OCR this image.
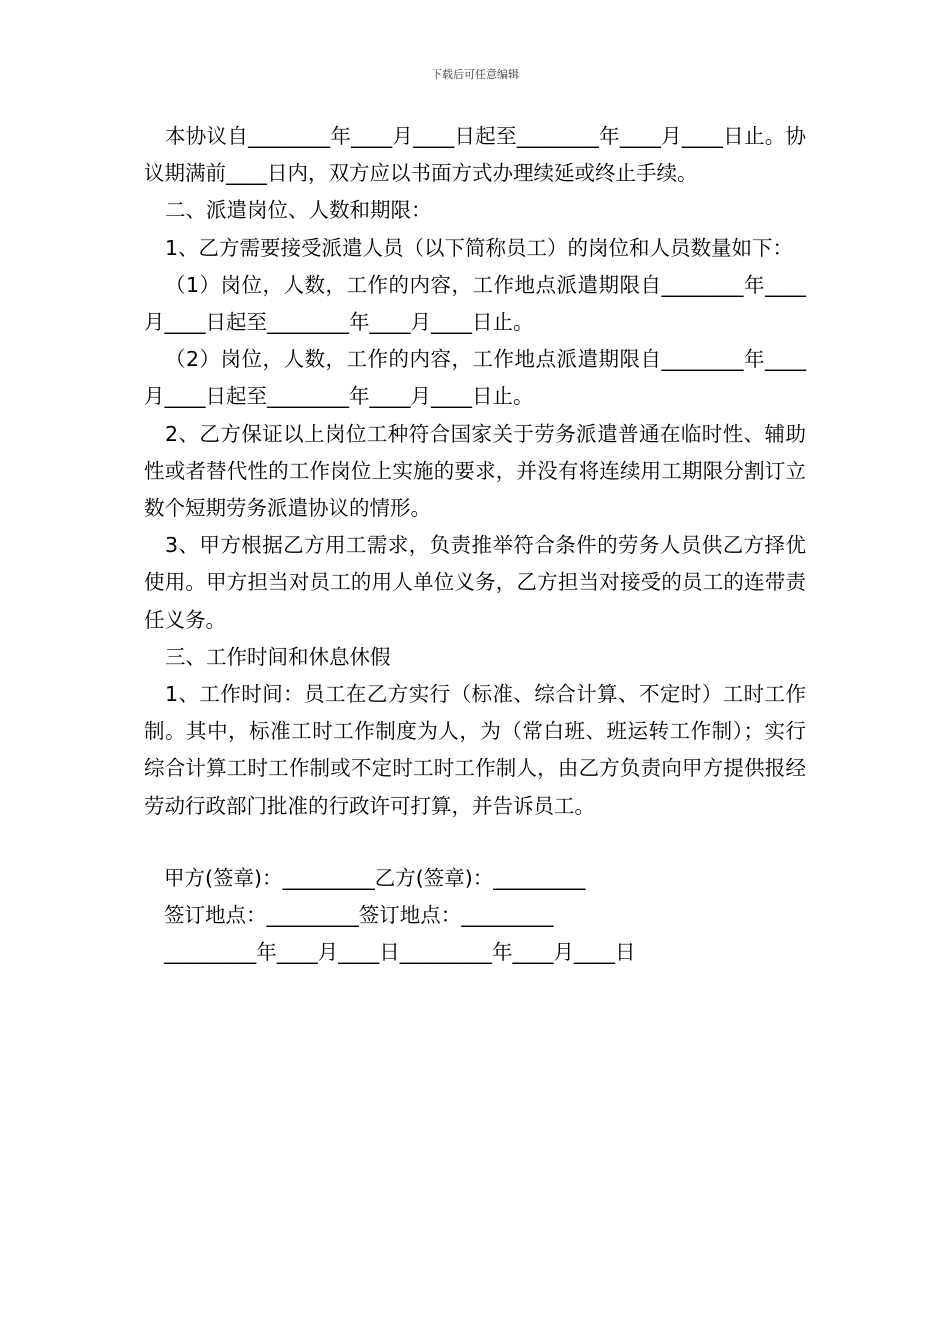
下载后可任意编辑

本协议自________年____月____日起至________年____月____日止。协议期满前____日内，双方应以书面方式办理续延或终止手续。

二、派遣岗位、人数和期限：

1、乙方需要接受派遣人员（以下简称员工）的岗位和人员数量如下：

（1）岗位，人数，工作的内容，工作地点派遣期限自________年____月____日起至________年____月____日止。

（2）岗位，人数，工作的内容，工作地点派遣期限自________年____月____日起至________年____月____日止。

2、乙方保证以上岗位工种符合国家关于劳务派遣普通在临时性、辅助性或者替代性的工作岗位上实施的要求，并没有将连续用工期限分割订立数个短期劳务派遣协议的情形。

3、甲方根据乙方用工需求，负责推举符合条件的劳务人员供乙方择优使用。甲方担当对员工的用人单位义务，乙方担当对接受的员工的连带责任义务。

三、工作时间和休息休假

1、工作时间：员工在乙方实行（标准、综合计算、不定时）工时工作制。其中，标准工时工作制度为人，为（常白班、班运转工作制）；实行综合计算工时工作制或不定时工时工作制人，由乙方负责向甲方提供报经劳动行政部门批准的行政许可打算，并告诉员工。

甲方(签章)：_________乙方(签章)：_________
签订地点：_________签订地点：_________
_________年____月____日_________年____月____日
